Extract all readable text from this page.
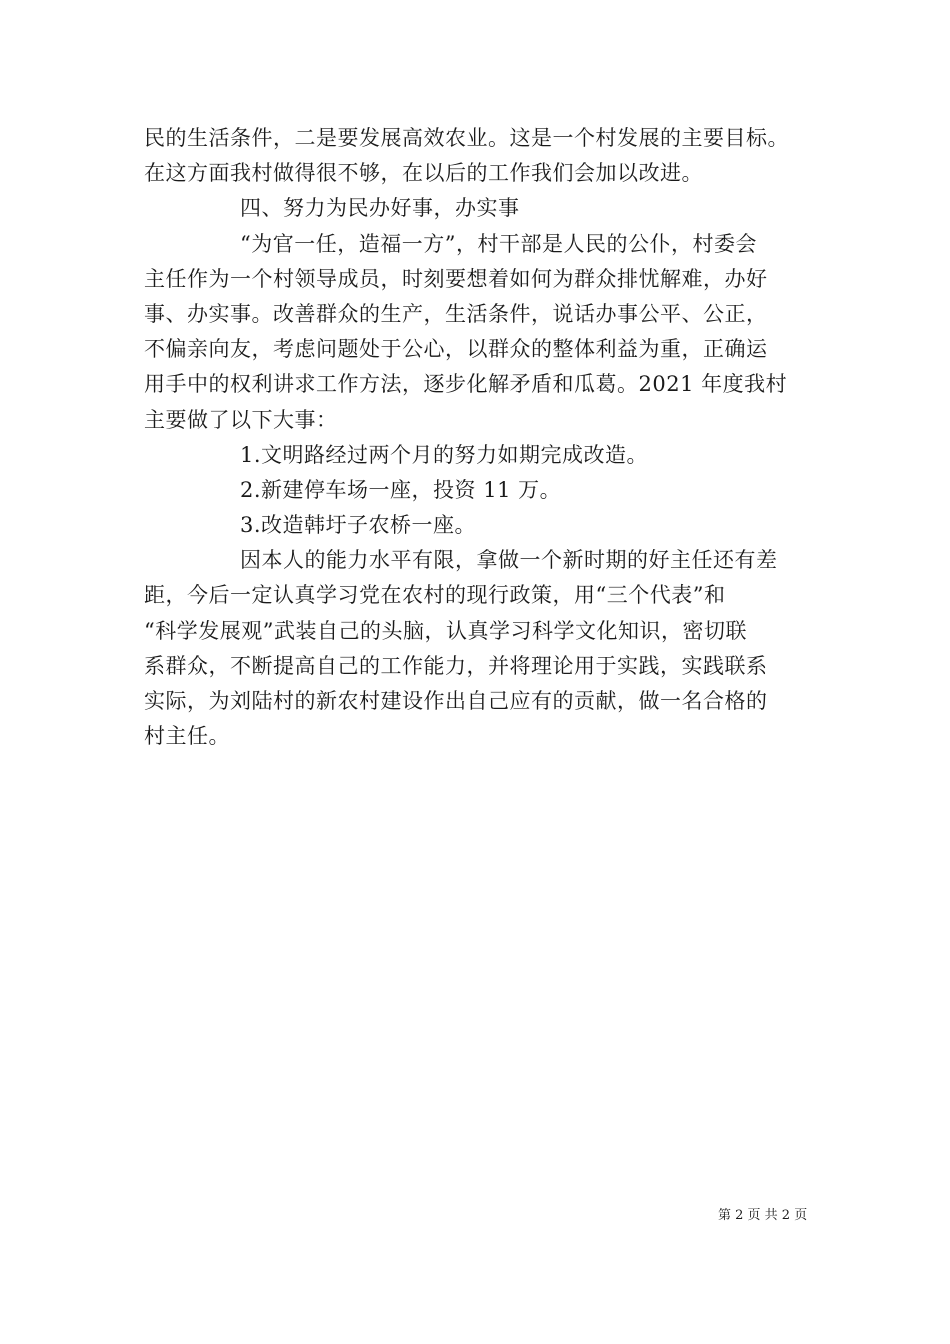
民的生活条件，二是要发展高效农业。这是一个村发展的主要目标。
在这方面我村做得很不够，在以后的工作我们会加以改进。
四、努力为民办好事，办实事
“为官一任，造福一方”，村干部是人民的公仆，村委会
主任作为一个村领导成员，时刻要想着如何为群众排忧解难，办好
事、办实事。改善群众的生产，生活条件，说话办事公平、公正，
不偏亲向友，考虑问题处于公心，以群众的整体利益为重，正确运
用手中的权利讲求工作方法，逐步化解矛盾和瓜葛。2021 年度我村
主要做了以下大事：
1.文明路经过两个月的努力如期完成改造。
2.新建停车场一座，投资 11 万。
3.改造韩圩子农桥一座。
因本人的能力水平有限，拿做一个新时期的好主任还有差
距，今后一定认真学习党在农村的现行政策，用“三个代表”和
“科学发展观”武装自己的头脑，认真学习科学文化知识，密切联
系群众，不断提高自己的工作能力，并将理论用于实践，实践联系
实际，为刘陆村的新农村建设作出自己应有的贡献，做一名合格的
村主任。
第 2 页 共 2 页
